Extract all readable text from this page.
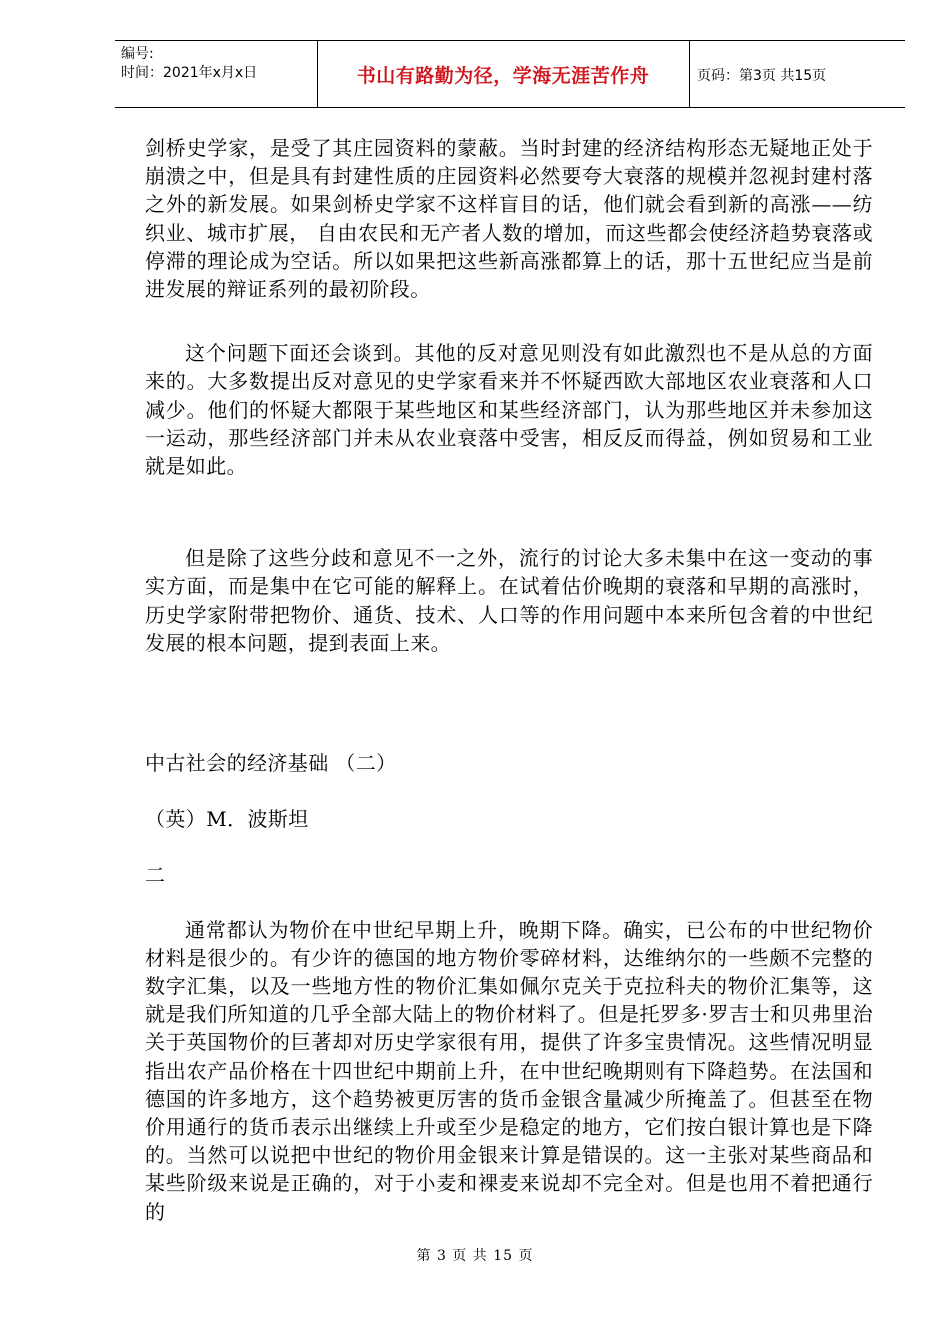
编号:
时间：2021年x月x日	书山有路勤为径，学海无涯苦作舟	页码：第3页 共15页

剑桥史学家，是受了其庄园资料的蒙蔽。当时封建的经济结构形态无疑地正处于崩溃之中，但是具有封建性质的庄园资料必然要夸大衰落的规模并忽视封建村落之外的新发展。如果剑桥史学家不这样盲目的话，他们就会看到新的高涨——纺织业、城市扩展， 自由农民和无产者人数的增加，而这些都会使经济趋势衰落或停滞的理论成为空话。所以如果把这些新高涨都算上的话，那十五世纪应当是前进发展的辩证系列的最初阶段。

这个问题下面还会谈到。其他的反对意见则没有如此激烈也不是从总的方面来的。大多数提出反对意见的史学家看来并不怀疑西欧大部地区农业衰落和人口减少。他们的怀疑大都限于某些地区和某些经济部门，认为那些地区并未参加这一运动，那些经济部门并未从农业衰落中受害，相反反而得益，例如贸易和工业就是如此。

但是除了这些分歧和意见不一之外，流行的讨论大多未集中在这一变动的事实方面，而是集中在它可能的解释上。在试着估价晚期的衰落和早期的高涨时，历史学家附带把物价、通货、技术、人口等的作用问题中本来所包含着的中世纪发展的根本问题，提到表面上来。

中古社会的经济基础 （二）

（英）M．波斯坦

二

通常都认为物价在中世纪早期上升，晚期下降。确实，已公布的中世纪物价材料是很少的。有少许的德国的地方物价零碎材料，达维纳尔的一些颇不完整的数字汇集，以及一些地方性的物价汇集如佩尔克关于克拉科夫的物价汇集等，这就是我们所知道的几乎全部大陆上的物价材料了。但是托罗多·罗吉士和贝弗里治关于英国物价的巨著却对历史学家很有用，提供了许多宝贵情况。这些情况明显指出农产品价格在十四世纪中期前上升，在中世纪晚期则有下降趋势。在法国和德国的许多地方，这个趋势被更厉害的货币金银含量减少所掩盖了。但甚至在物价用通行的货币表示出继续上升或至少是稳定的地方，它们按白银计算也是下降的。当然可以说把中世纪的物价用金银来计算是错误的。这一主张对某些商品和某些阶级来说是正确的，对于小麦和裸麦来说却不完全对。但是也用不着把通行的

第 3 页 共 15 页
